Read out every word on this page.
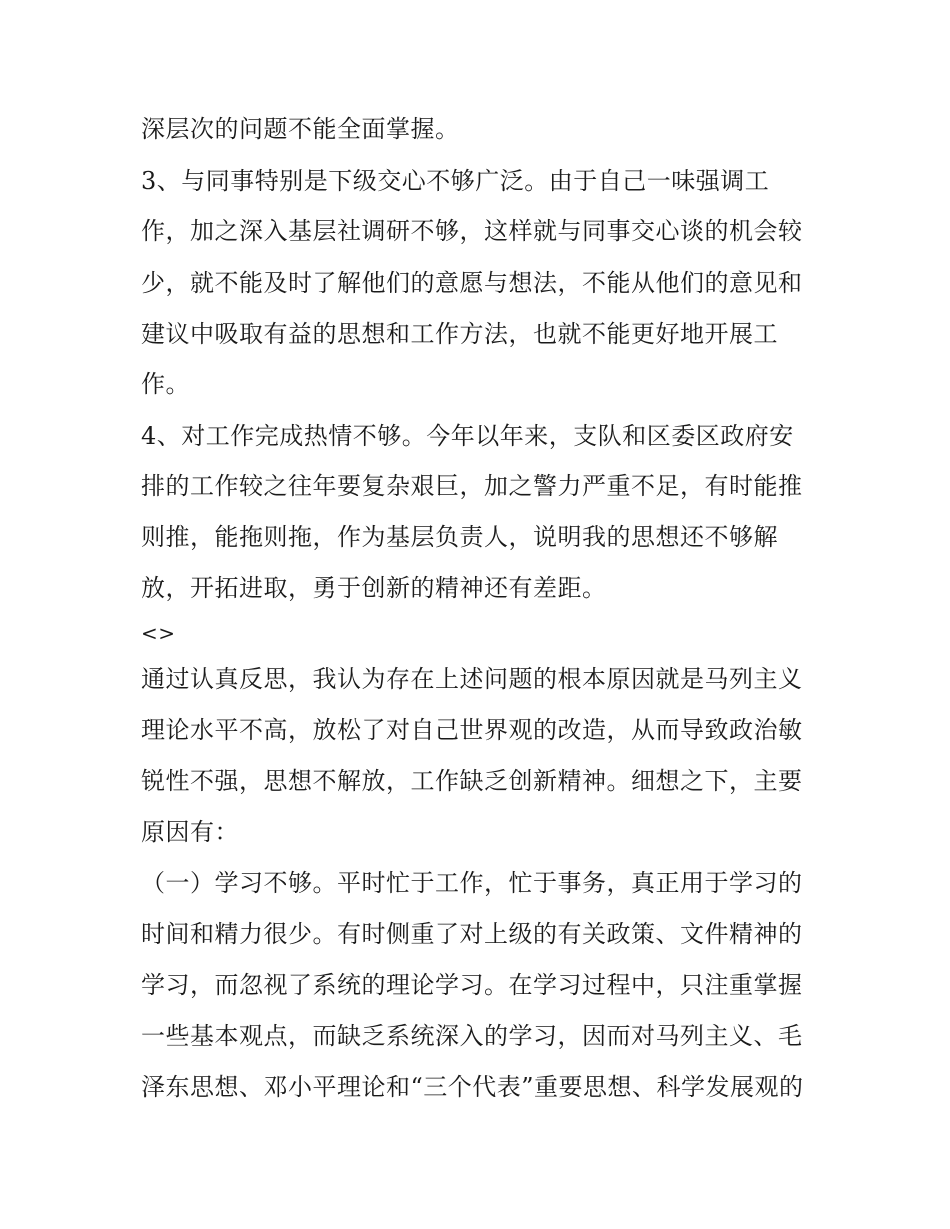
深层次的问题不能全面掌握。
3、与同事特别是下级交心不够广泛。由于自己一味强调工
作，加之深入基层社调研不够，这样就与同事交心谈的机会较
少，就不能及时了解他们的意愿与想法，不能从他们的意见和
建议中吸取有益的思想和工作方法，也就不能更好地开展工
作。
4、对工作完成热情不够。今年以年来，支队和区委区政府安
排的工作较之往年要复杂艰巨，加之警力严重不足，有时能推
则推，能拖则拖，作为基层负责人，说明我的思想还不够解
放，开拓进取，勇于创新的精神还有差距。
<>
通过认真反思，我认为存在上述问题的根本原因就是马列主义
理论水平不高，放松了对自己世界观的改造，从而导致政治敏
锐性不强，思想不解放，工作缺乏创新精神。细想之下，主要
原因有：
（一）学习不够。平时忙于工作，忙于事务，真正用于学习的
时间和精力很少。有时侧重了对上级的有关政策、文件精神的
学习，而忽视了系统的理论学习。在学习过程中，只注重掌握
一些基本观点，而缺乏系统深入的学习，因而对马列主义、毛
泽东思想、邓小平理论和“三个代表”重要思想、科学发展观的
